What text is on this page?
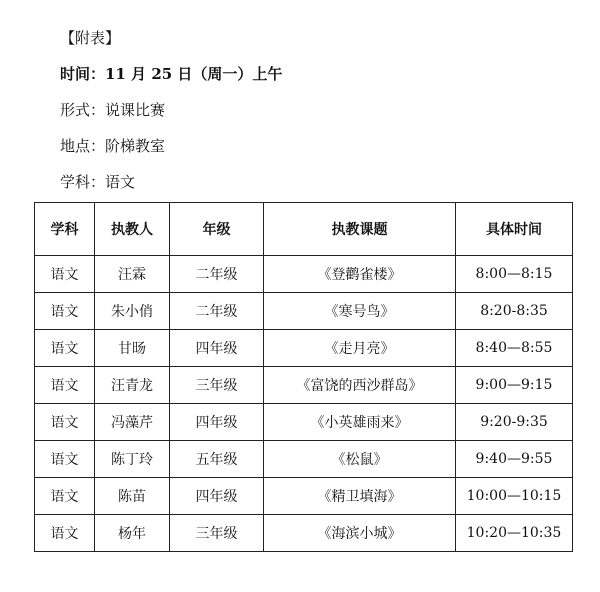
【附表】
时间：11 月 25 日（周一）上午
形式：说课比赛
地点：阶梯教室
学科：语文
学科	执教人	年级	执教课题	具体时间
语文	汪霖	二年级	《登鹳雀楼》	8:00—8:15
语文	朱小俏	二年级	《寒号鸟》	8:20-8:35
语文	甘旸	四年级	《走月亮》	8:40—8:55
语文	汪青龙	三年级	《富饶的西沙群岛》	9:00—9:15
语文	冯藻芹	四年级	《小英雄雨来》	9:20-9:35
语文	陈丁玲	五年级	《松鼠》	9:40—9:55
语文	陈苗	四年级	《精卫填海》	10:00—10:15
语文	杨年	三年级	《海滨小城》	10:20—10:35
